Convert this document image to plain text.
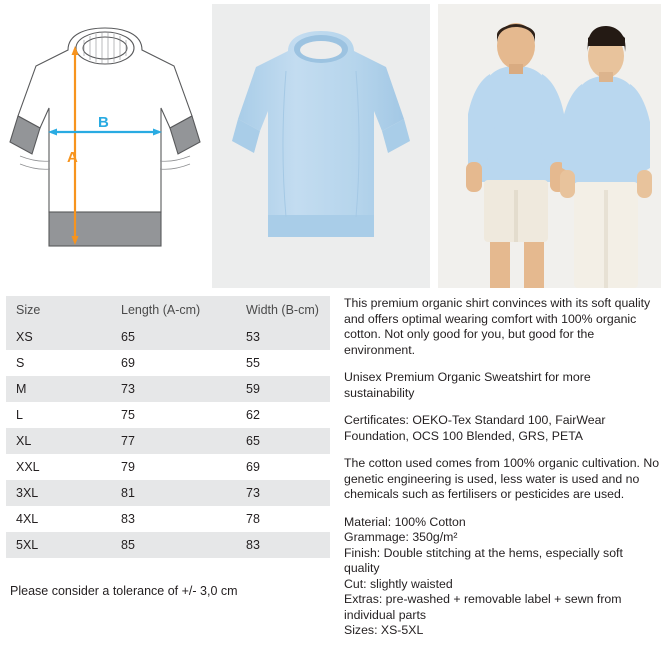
A
B
Size	Length (A-cm)	Width (B-cm)
XS	65	53
S	69	55
M	73	59
L	75	62
XL	77	65
XXL	79	69
3XL	81	73
4XL	83	78
5XL	85	83
Please consider a tolerance of +/- 3,0 cm
This premium organic shirt convinces with its soft quality and offers optimal wearing comfort with 100% organic cotton. Not only good for you, but good for the environment.
Unisex Premium Organic Sweatshirt for more sustainability
Certificates: OEKO-Tex Standard 100, FairWear Foundation, OCS 100 Blended, GRS, PETA
The cotton used comes from 100% organic cultivation. No genetic engineering is used, less water is used and no chemicals such as fertilisers or pesticides are used.
Material: 100% Cotton
Grammage: 350g/m²
Finish: Double stitching at the hems, especially soft quality
Cut: slightly waisted
Extras: pre-washed + removable label + sewn from individual parts
Sizes: XS-5XL
